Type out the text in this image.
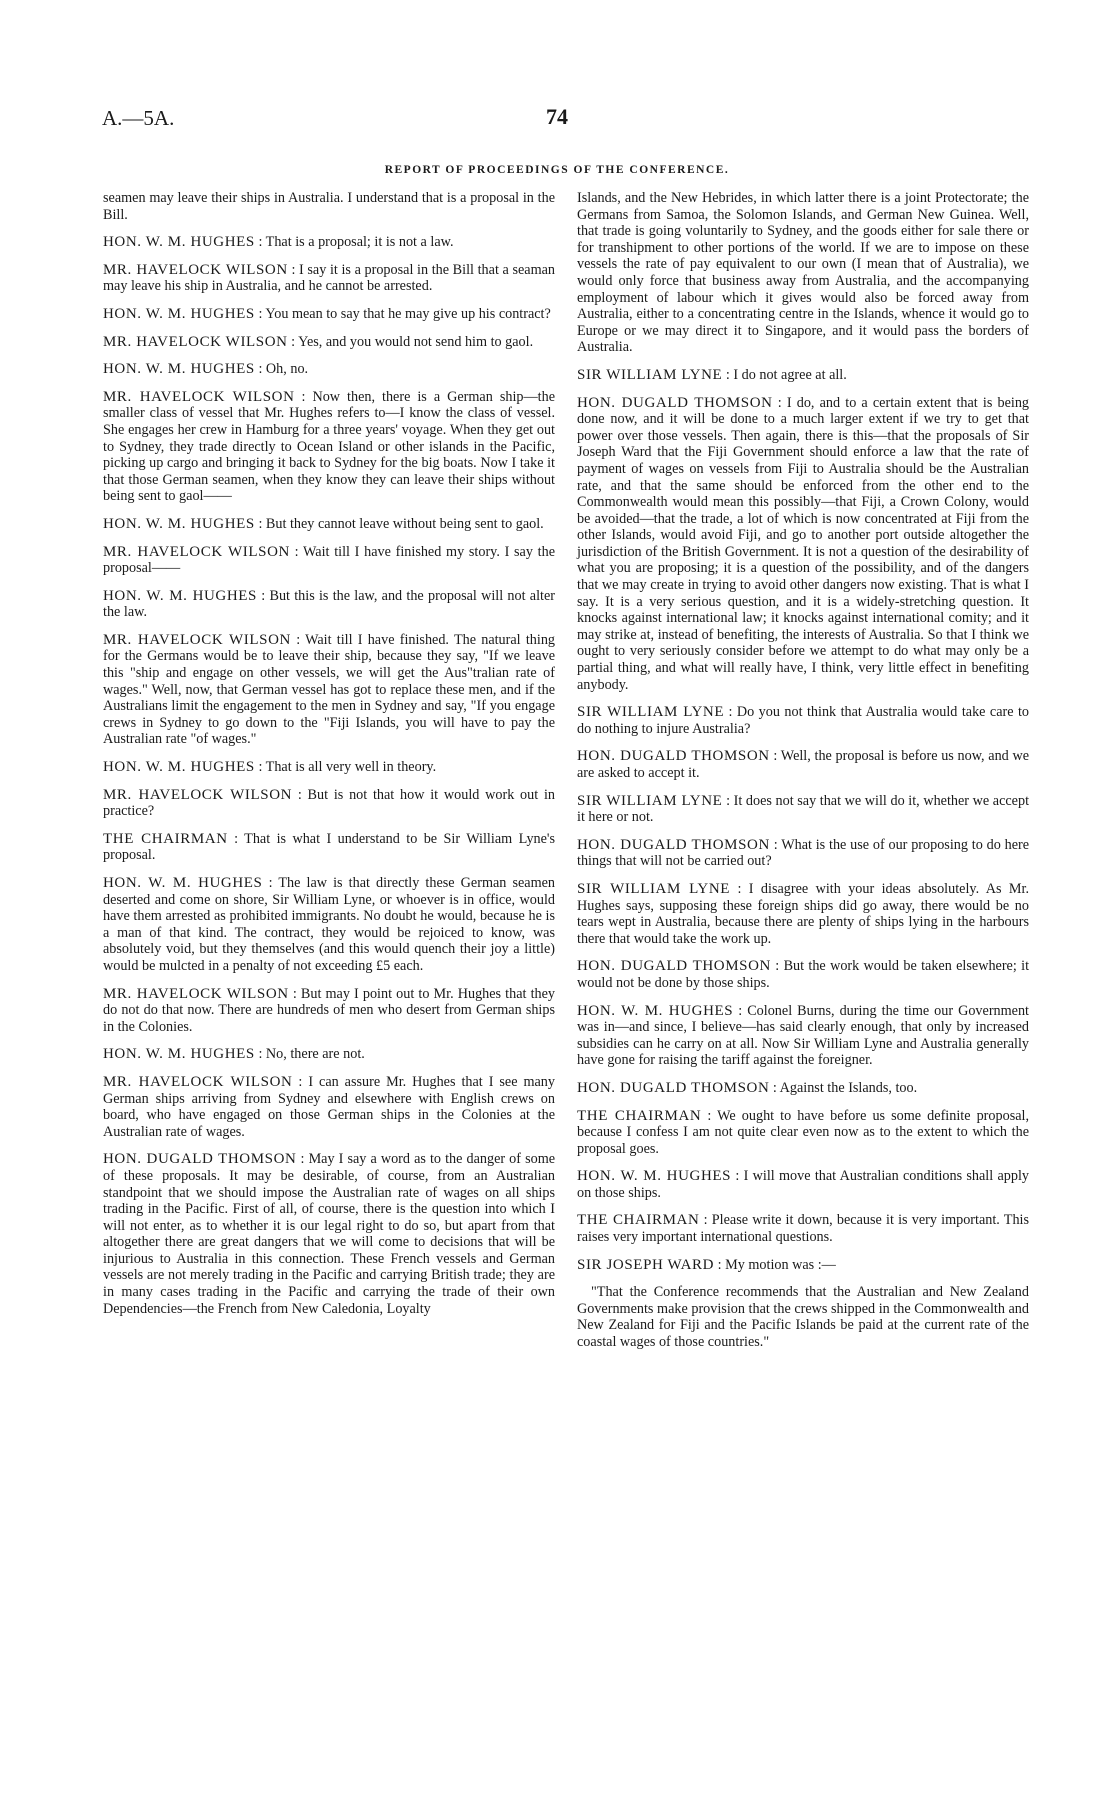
A.—5A.	74
REPORT OF PROCEEDINGS OF THE CONFERENCE.

seamen may leave their ships in Australia. I understand that is a proposal in the Bill.

HON. W. M. HUGHES : That is a proposal; it is not a law.

MR. HAVELOCK WILSON : I say it is a proposal in the Bill that a seaman may leave his ship in Australia, and he cannot be arrested.

HON. W. M. HUGHES : You mean to say that he may give up his contract?

MR. HAVELOCK WILSON : Yes, and you would not send him to gaol.

HON. W. M. HUGHES : Oh, no.

MR. HAVELOCK WILSON : Now then, there is a German ship—the smaller class of vessel that Mr. Hughes refers to—I know the class of vessel. She engages her crew in Hamburg for a three years' voyage. When they get out to Sydney, they trade directly to Ocean Island or other islands in the Pacific, picking up cargo and bringing it back to Sydney for the big boats. Now I take it that those German seamen, when they know they can leave their ships without being sent to gaol——

HON. W. M. HUGHES : But they cannot leave without being sent to gaol.

MR. HAVELOCK WILSON : Wait till I have finished my story. I say the proposal——

HON. W. M. HUGHES : But this is the law, and the proposal will not alter the law.

MR. HAVELOCK WILSON : Wait till I have finished. The natural thing for the Germans would be to leave their ship, because they say, "If we leave this "ship and engage on other vessels, we will get the Aus"tralian rate of wages." Well, now, that German vessel has got to replace these men, and if the Australians limit the engagement to the men in Sydney and say, "If you engage crews in Sydney to go down to the "Fiji Islands, you will have to pay the Australian rate "of wages."

HON. W. M. HUGHES : That is all very well in theory.

MR. HAVELOCK WILSON : But is not that how it would work out in practice?

THE CHAIRMAN : That is what I understand to be Sir William Lyne's proposal.

HON. W. M. HUGHES : The law is that directly these German seamen deserted and come on shore, Sir William Lyne, or whoever is in office, would have them arrested as prohibited immigrants. No doubt he would, because he is a man of that kind. The contract, they would be rejoiced to know, was absolutely void, but they themselves (and this would quench their joy a little) would be mulcted in a penalty of not exceeding £5 each.

MR. HAVELOCK WILSON : But may I point out to Mr. Hughes that they do not do that now. There are hundreds of men who desert from German ships in the Colonies.

HON. W. M. HUGHES : No, there are not.

MR. HAVELOCK WILSON : I can assure Mr. Hughes that I see many German ships arriving from Sydney and elsewhere with English crews on board, who have engaged on those German ships in the Colonies at the Australian rate of wages.

HON. DUGALD THOMSON : May I say a word as to the danger of some of these proposals. It may be desirable, of course, from an Australian standpoint that we should impose the Australian rate of wages on all ships trading in the Pacific. First of all, of course, there is the question into which I will not enter, as to whether it is our legal right to do so, but apart from that altogether there are great dangers that we will come to decisions that will be injurious to Australia in this connection. These French vessels and German vessels are not merely trading in the Pacific and carrying British trade; they are in many cases trading in the Pacific and carrying the trade of their own Dependencies—the French from New Caledonia, Loyalty

Islands, and the New Hebrides, in which latter there is a joint Protectorate; the Germans from Samoa, the Solomon Islands, and German New Guinea. Well, that trade is going voluntarily to Sydney, and the goods either for sale there or for transhipment to other portions of the world. If we are to impose on these vessels the rate of pay equivalent to our own (I mean that of Australia), we would only force that business away from Australia, and the accompanying employment of labour which it gives would also be forced away from Australia, either to a concentrating centre in the Islands, whence it would go to Europe or we may direct it to Singapore, and it would pass the borders of Australia.

SIR WILLIAM LYNE : I do not agree at all.

HON. DUGALD THOMSON : I do, and to a certain extent that is being done now, and it will be done to a much larger extent if we try to get that power over those vessels. Then again, there is this—that the proposals of Sir Joseph Ward that the Fiji Government should enforce a law that the rate of payment of wages on vessels from Fiji to Australia should be the Australian rate, and that the same should be enforced from the other end to the Commonwealth would mean this possibly—that Fiji, a Crown Colony, would be avoided—that the trade, a lot of which is now concentrated at Fiji from the other Islands, would avoid Fiji, and go to another port outside altogether the jurisdiction of the British Government. It is not a question of the desirability of what you are proposing; it is a question of the possibility, and of the dangers that we may create in trying to avoid other dangers now existing. That is what I say. It is a very serious question, and it is a widely-stretching question. It knocks against international law; it knocks against international comity; and it may strike at, instead of benefiting, the interests of Australia. So that I think we ought to very seriously consider before we attempt to do what may only be a partial thing, and what will really have, I think, very little effect in benefiting anybody.

SIR WILLIAM LYNE : Do you not think that Australia would take care to do nothing to injure Australia?

HON. DUGALD THOMSON : Well, the proposal is before us now, and we are asked to accept it.

SIR WILLIAM LYNE : It does not say that we will do it, whether we accept it here or not.

HON. DUGALD THOMSON : What is the use of our proposing to do here things that will not be carried out?

SIR WILLIAM LYNE : I disagree with your ideas absolutely. As Mr. Hughes says, supposing these foreign ships did go away, there would be no tears wept in Australia, because there are plenty of ships lying in the harbours there that would take the work up.

HON. DUGALD THOMSON : But the work would be taken elsewhere; it would not be done by those ships.

HON. W. M. HUGHES : Colonel Burns, during the time our Government was in—and since, I believe—has said clearly enough, that only by increased subsidies can he carry on at all. Now Sir William Lyne and Australia generally have gone for raising the tariff against the foreigner.

HON. DUGALD THOMSON : Against the Islands, too.

THE CHAIRMAN : We ought to have before us some definite proposal, because I confess I am not quite clear even now as to the extent to which the proposal goes.

HON. W. M. HUGHES : I will move that Australian conditions shall apply on those ships.

THE CHAIRMAN : Please write it down, because it is very important. This raises very important international questions.

SIR JOSEPH WARD : My motion was :—

"That the Conference recommends that the Australian and New Zealand Governments make provision that the crews shipped in the Commonwealth and New Zealand for Fiji and the Pacific Islands be paid at the current rate of the coastal wages of those countries."
